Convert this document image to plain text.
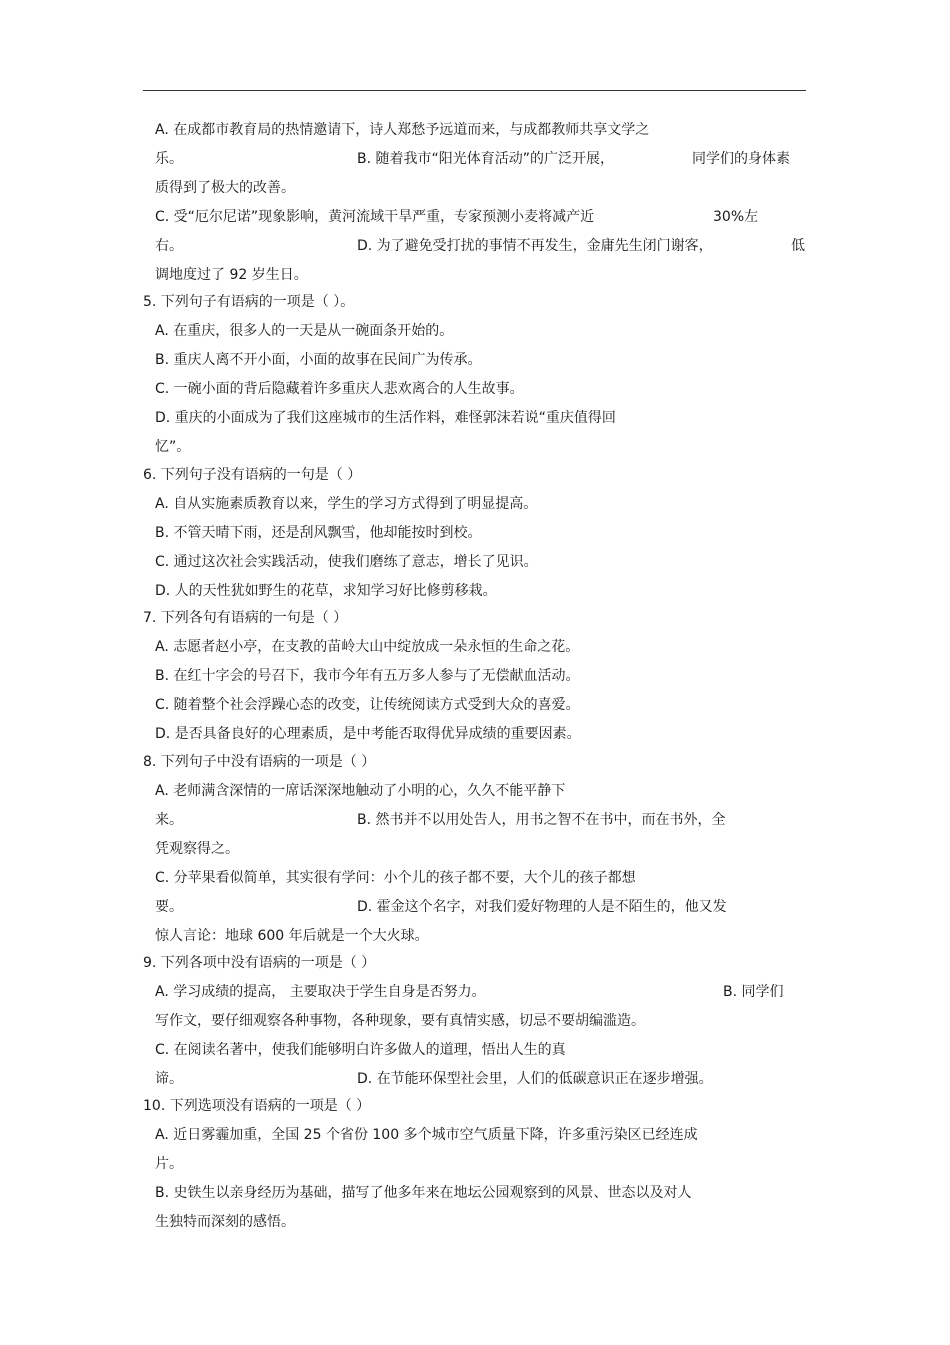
A. 在成都市教育局的热情邀请下，诗人郑愁予远道而来，与成都教师共享文学之
乐。	B. 随着我市“阳光体育活动”的广泛开展，	同学们的身体素
质得到了极大的改善。
C. 受“厄尔尼诺”现象影响，黄河流域干旱严重，专家预测小麦将减产近	30%左
右。	D. 为了避免受打扰的事情不再发生，金庸先生闭门谢客，	低
调地度过了 92 岁生日。
5. 下列句子有语病的一项是（ ）。
A. 在重庆，很多人的一天是从一碗面条开始的。
B. 重庆人离不开小面，小面的故事在民间广为传承。
C. 一碗小面的背后隐藏着许多重庆人悲欢离合的人生故事。
D. 重庆的小面成为了我们这座城市的生活作料，难怪郭沫若说“重庆值得回
忆”。
6. 下列句子没有语病的一句是（ ）
A. 自从实施素质教育以来，学生的学习方式得到了明显提高。
B. 不管天晴下雨，还是刮风飘雪，他却能按时到校。
C. 通过这次社会实践活动，使我们磨练了意志，增长了见识。
D. 人的天性犹如野生的花草，求知学习好比修剪移栽。
7. 下列各句有语病的一句是（ ）
A. 志愿者赵小亭，在支教的苗岭大山中绽放成一朵永恒的生命之花。
B. 在红十字会的号召下，我市今年有五万多人参与了无偿献血活动。
C. 随着整个社会浮躁心态的改变，让传统阅读方式受到大众的喜爱。
D. 是否具备良好的心理素质，是中考能否取得优异成绩的重要因素。
8. 下列句子中没有语病的一项是（ ）
A. 老师满含深情的一席话深深地触动了小明的心，久久不能平静下
来。	B. 然书并不以用处告人，用书之智不在书中，而在书外，全
凭观察得之。
C. 分苹果看似简单，其实很有学问：小个儿的孩子都不要，大个儿的孩子都想
要。	D. 霍金这个名字，对我们爱好物理的人是不陌生的，他又发
惊人言论：地球 600 年后就是一个大火球。
9. 下列各项中没有语病的一项是（ ）
A. 学习成绩的提高， 主要取决于学生自身是否努力。	B. 同学们
写作文，要仔细观察各种事物，各种现象，要有真情实感，切忌不要胡编滥造。
C. 在阅读名著中，使我们能够明白许多做人的道理，悟出人生的真
谛。	D. 在节能环保型社会里，人们的低碳意识正在逐步增强。
10. 下列选项没有语病的一项是（ ）
A. 近日雾霾加重，全国 25 个省份 100 多个城市空气质量下降，许多重污染区已经连成
片。
B. 史铁生以亲身经历为基础，描写了他多年来在地坛公园观察到的风景、世态以及对人
生独特而深刻的感悟。
